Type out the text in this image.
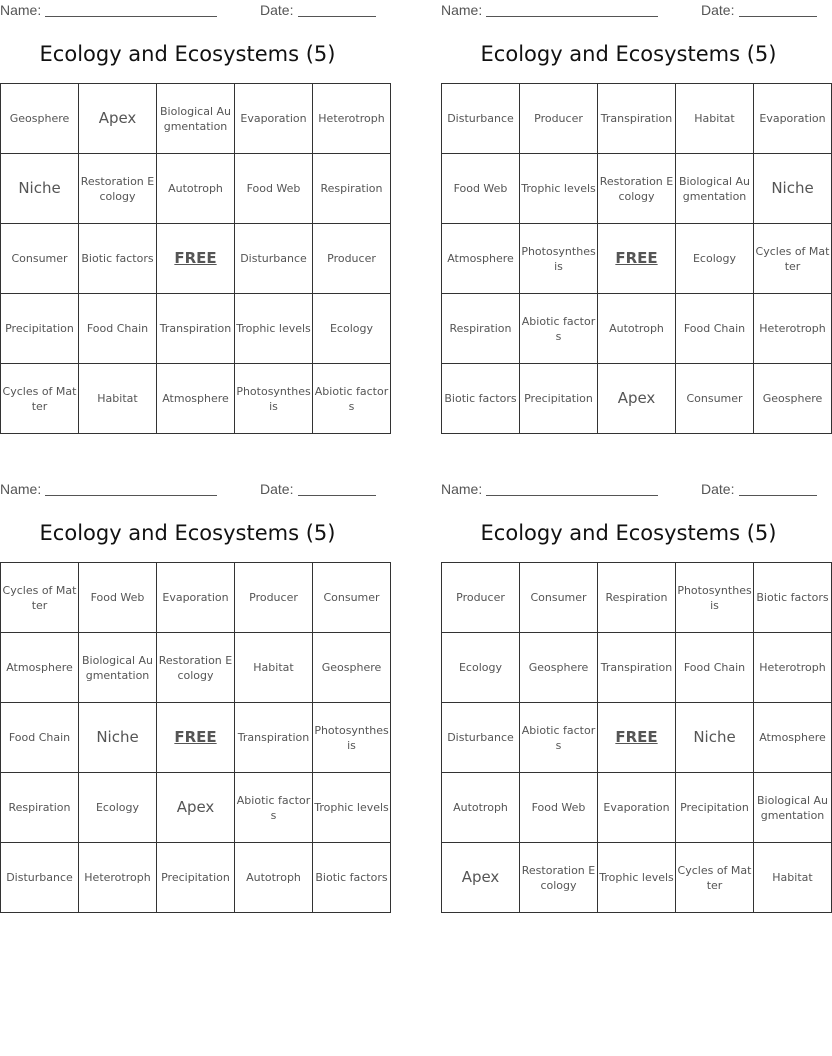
Name:	Date:
Ecology and Ecosystems (5)
Geosphere	Apex	Biological Augmentation	Evaporation	Heterotroph
Niche	Restoration Ecology	Autotroph	Food Web	Respiration
Consumer	Biotic factors	FREE	Disturbance	Producer
Precipitation	Food Chain	Transpiration	Trophic levels	Ecology
Cycles of Matter	Habitat	Atmosphere	Photosynthesis	Abiotic factors
Name:	Date:
Ecology and Ecosystems (5)
Disturbance	Producer	Transpiration	Habitat	Evaporation
Food Web	Trophic levels	Restoration Ecology	Biological Augmentation	Niche
Atmosphere	Photosynthesis	FREE	Ecology	Cycles of Matter
Respiration	Abiotic factors	Autotroph	Food Chain	Heterotroph
Biotic factors	Precipitation	Apex	Consumer	Geosphere
Name:	Date:
Ecology and Ecosystems (5)
Cycles of Matter	Food Web	Evaporation	Producer	Consumer
Atmosphere	Biological Augmentation	Restoration Ecology	Habitat	Geosphere
Food Chain	Niche	FREE	Transpiration	Photosynthesis
Respiration	Ecology	Apex	Abiotic factors	Trophic levels
Disturbance	Heterotroph	Precipitation	Autotroph	Biotic factors
Name:	Date:
Ecology and Ecosystems (5)
Producer	Consumer	Respiration	Photosynthesis	Biotic factors
Ecology	Geosphere	Transpiration	Food Chain	Heterotroph
Disturbance	Abiotic factors	FREE	Niche	Atmosphere
Autotroph	Food Web	Evaporation	Precipitation	Biological Augmentation
Apex	Restoration Ecology	Trophic levels	Cycles of Matter	Habitat
